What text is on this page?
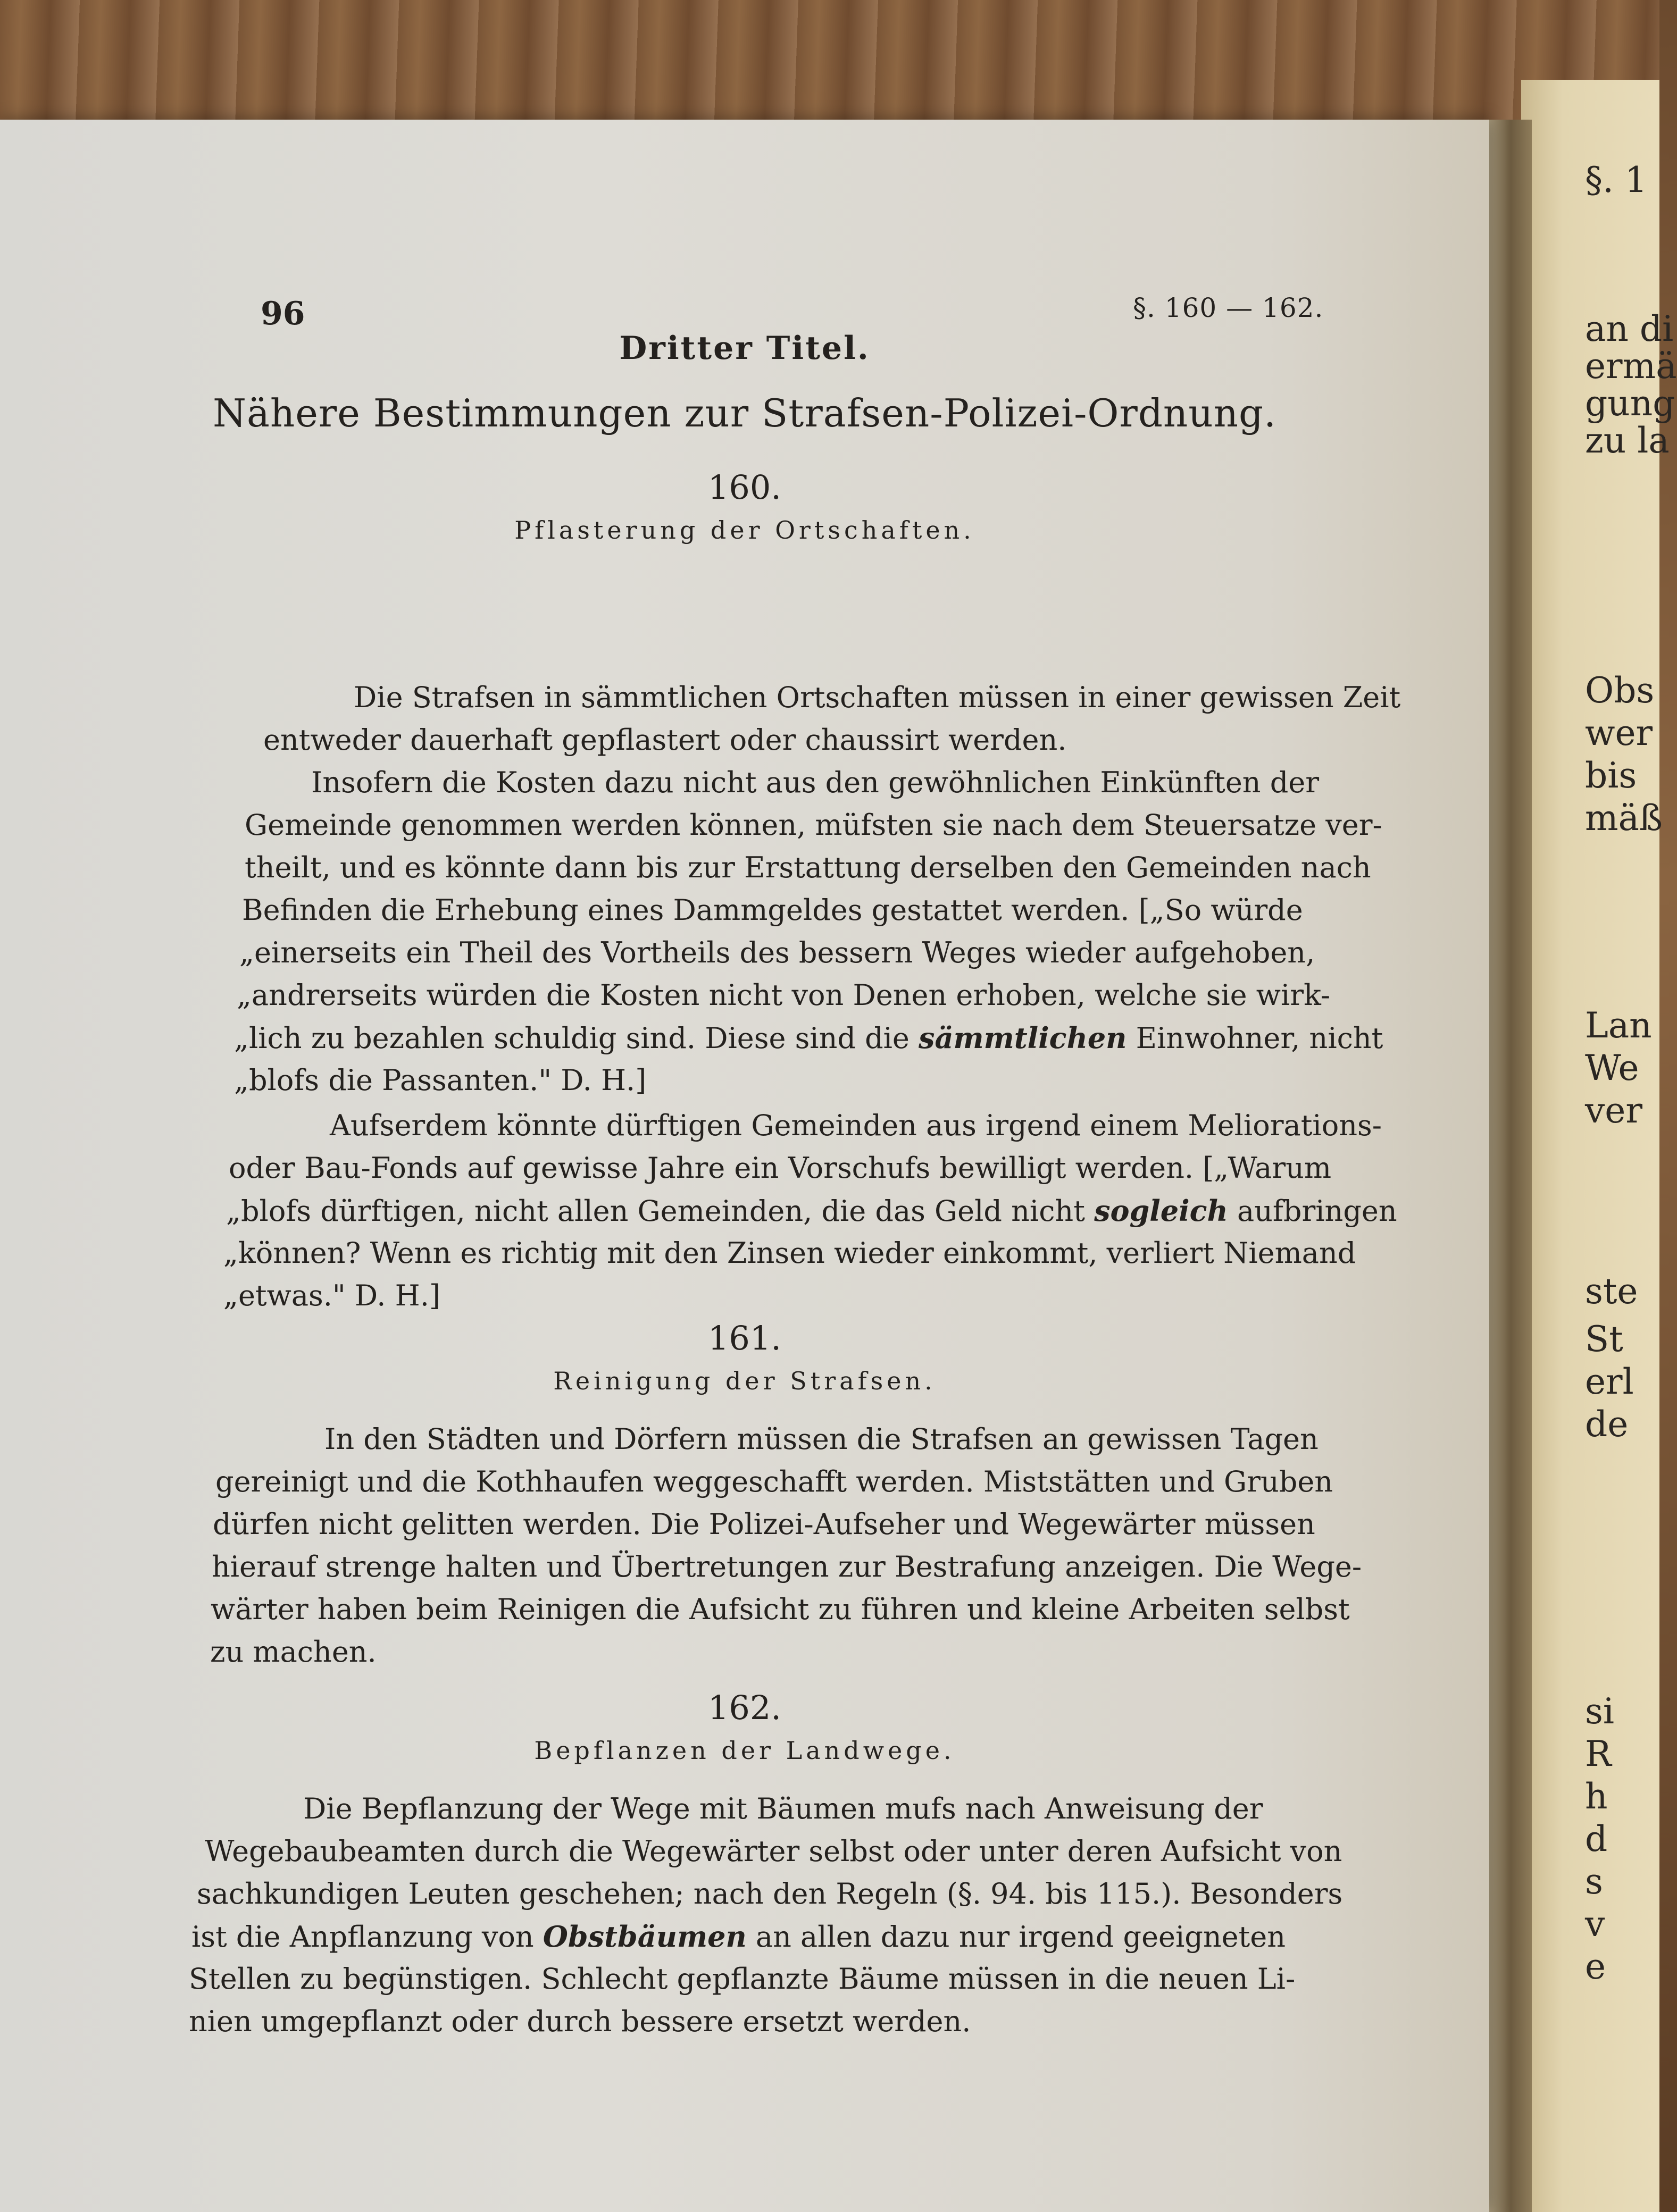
§. 1
an di
ermä
gung
zu la
Obs
wer
bis
mäß
Lan
We
ver
ste
St
erl
de
si
R
h
d
s
v
e
96	§. 160 — 162.
Dritter Titel.
Nähere Bestimmungen zur Strafsen-Polizei-Ordnung.
160.
Pflasterung der Ortschaften.
Die Strafsen in sämmtlichen Ortschaften müssen in einer gewissen Zeit
entweder dauerhaft gepflastert oder chaussirt werden.
Insofern die Kosten dazu nicht aus den gewöhnlichen Einkünften der
Gemeinde genommen werden können, müfsten sie nach dem Steuersatze ver-
theilt, und es könnte dann bis zur Erstattung derselben den Gemeinden nach
Befinden die Erhebung eines Dammgeldes gestattet werden. [„So würde
„einerseits ein Theil des Vortheils des bessern Weges wieder aufgehoben,
„andrerseits würden die Kosten nicht von Denen erhoben, welche sie wirk-
„lich zu bezahlen schuldig sind. Diese sind die sämmtlichen Einwohner, nicht
„blofs die Passanten." D. H.]
Aufserdem könnte dürftigen Gemeinden aus irgend einem Meliorations-
oder Bau-Fonds auf gewisse Jahre ein Vorschufs bewilligt werden. [„Warum
„blofs dürftigen, nicht allen Gemeinden, die das Geld nicht sogleich aufbringen
„können? Wenn es richtig mit den Zinsen wieder einkommt, verliert Niemand
„etwas." D. H.]
161.
Reinigung der Strafsen.
In den Städten und Dörfern müssen die Strafsen an gewissen Tagen
gereinigt und die Kothhaufen weggeschafft werden. Miststätten und Gruben
dürfen nicht gelitten werden. Die Polizei-Aufseher und Wegewärter müssen
hierauf strenge halten und Übertretungen zur Bestrafung anzeigen. Die Wege-
wärter haben beim Reinigen die Aufsicht zu führen und kleine Arbeiten selbst
zu machen.
162.
Bepflanzen der Landwege.
Die Bepflanzung der Wege mit Bäumen mufs nach Anweisung der
Wegebaubeamten durch die Wegewärter selbst oder unter deren Aufsicht von
sachkundigen Leuten geschehen; nach den Regeln (§. 94. bis 115.). Besonders
ist die Anpflanzung von Obstbäumen an allen dazu nur irgend geeigneten
Stellen zu begünstigen. Schlecht gepflanzte Bäume müssen in die neuen Li-
nien umgepflanzt oder durch bessere ersetzt werden.
